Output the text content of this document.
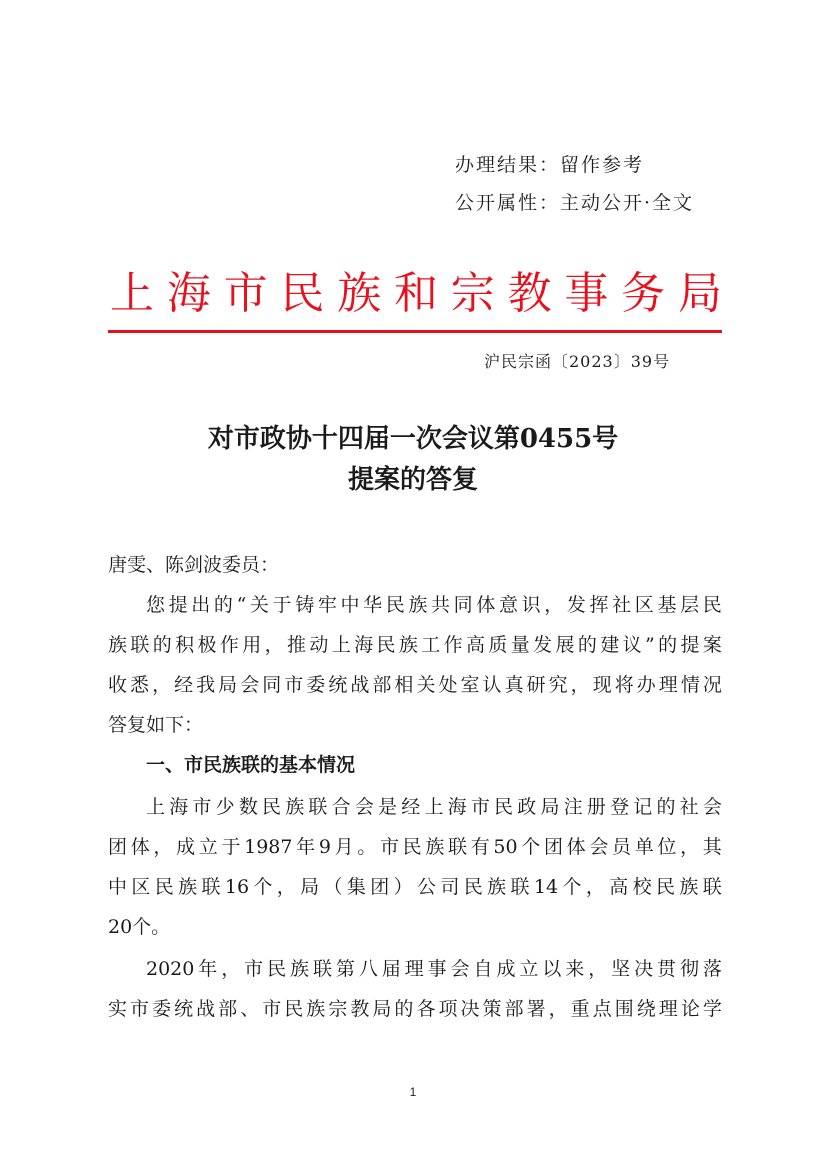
办理结果：留作参考
公开属性：主动公开·全文
上 海 市 民 族 和 宗 教 事 务 局
沪民宗函〔2023〕39号
对市政协十四届一次会议第0455号
提案的答复
唐雯、陈剑波委员：
您 提 出 的 “ 关 于 铸 牢 中 华 民 族 共 同 体 意 识 ， 发 挥 社 区 基 层 民
族 联 的 积 极 作 用 ， 推 动 上 海 民 族 工 作 高 质 量 发 展 的 建 议 ” 的 提 案
收 悉 ， 经 我 局 会 同 市 委 统 战 部 相 关 处 室 认 真 研 究 ， 现 将 办 理 情 况
答复如下：
一、市民族联的基本情况
上 海 市 少 数 民 族 联 合 会 是 经 上 海 市 民 政 局 注 册 登 记 的 社 会
团 体 ， 成 立 于 1987 年 9 月 。 市 民 族 联 有 50 个 团 体 会 员 单 位 ， 其
中 区 民 族 联 16 个 ， 局 （ 集 团 ） 公 司 民 族 联 14 个 ， 高 校 民 族 联
20个。
2020 年 ， 市 民 族 联 第 八 届 理 事 会 自 成 立 以 来 ， 坚 决 贯 彻 落
实 市 委 统 战 部 、 市 民 族 宗 教 局 的 各 项 决 策 部 署 ， 重 点 围 绕 理 论 学
1
